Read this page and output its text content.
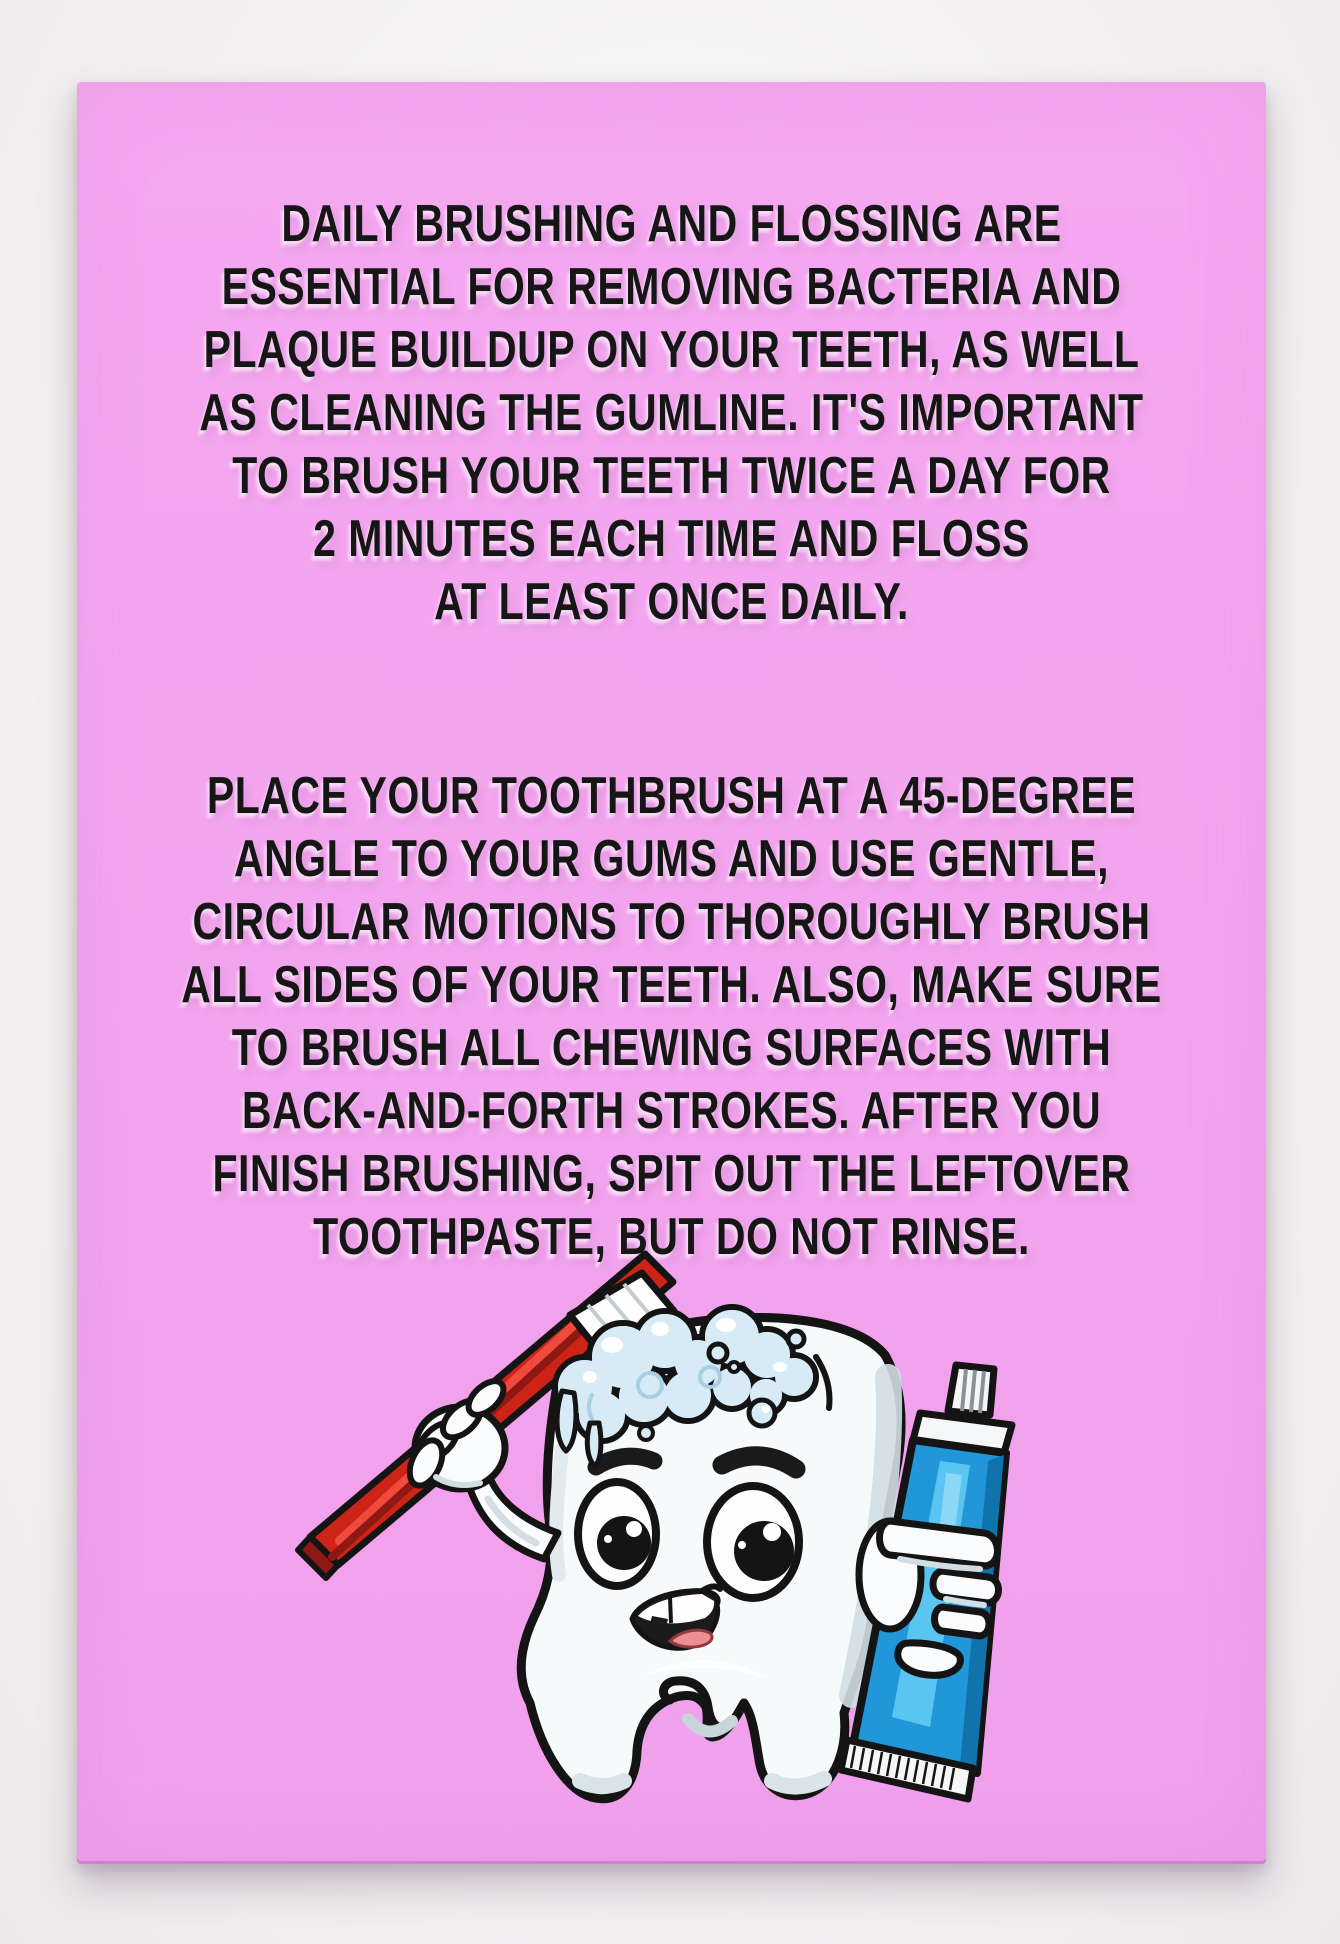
DAILY BRUSHING AND FLOSSING ARE
ESSENTIAL FOR REMOVING BACTERIA AND
PLAQUE BUILDUP ON YOUR TEETH, AS WELL
AS CLEANING THE GUMLINE. IT'S IMPORTANT
TO BRUSH YOUR TEETH TWICE A DAY FOR
2 MINUTES EACH TIME AND FLOSS
AT LEAST ONCE DAILY.
PLACE YOUR TOOTHBRUSH AT A 45-DEGREE
ANGLE TO YOUR GUMS AND USE GENTLE,
CIRCULAR MOTIONS TO THOROUGHLY BRUSH
ALL SIDES OF YOUR TEETH. ALSO, MAKE SURE
TO BRUSH ALL CHEWING SURFACES WITH
BACK-AND-FORTH STROKES. AFTER YOU
FINISH BRUSHING, SPIT OUT THE LEFTOVER
TOOTHPASTE, BUT DO NOT RINSE.
